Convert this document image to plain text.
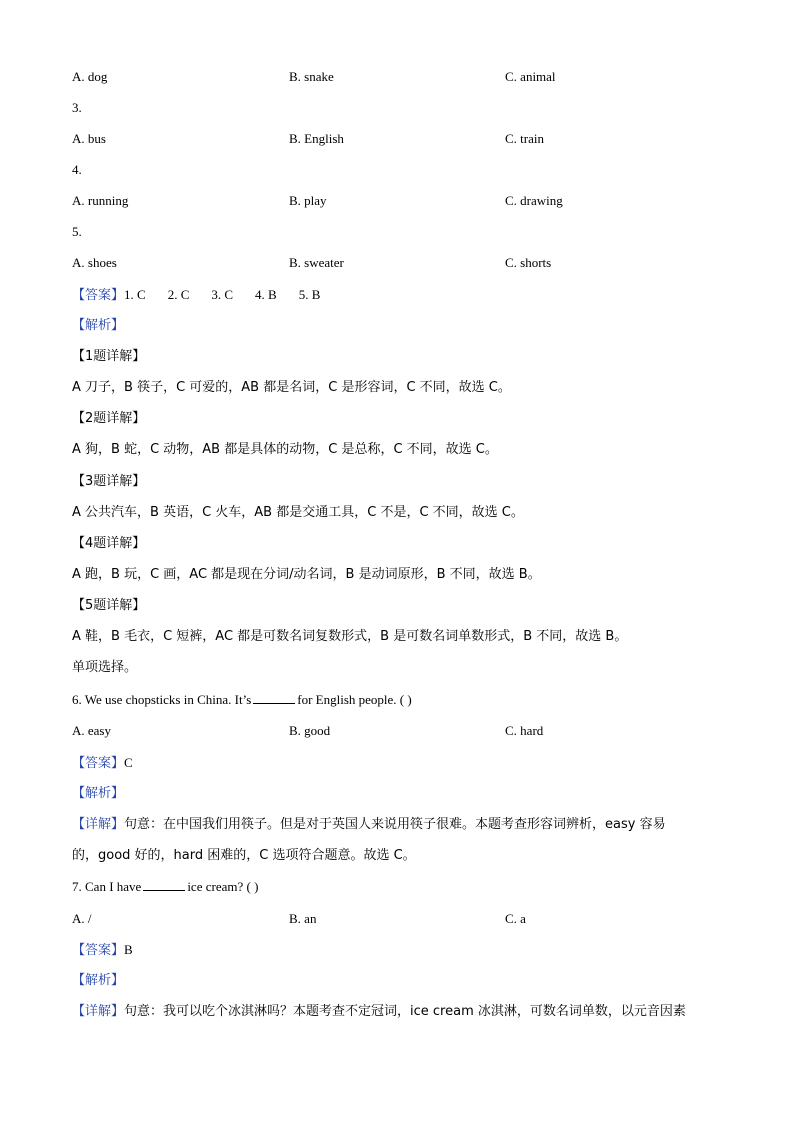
A. dog	B. snake	C. animal
3.
A. bus	B. English	C. train
4.
A. running	B. play	C. drawing
5.
A. shoes	B. sweater	C. shorts
【答案】1. C 2. C 3. C 4. B 5. B
【解析】
【1题详解】
A 刀子，B 筷子，C 可爱的，AB 都是名词，C 是形容词，C 不同，故选 C。
【2题详解】
A 狗，B 蛇，C 动物，AB 都是具体的动物，C 是总称，C 不同，故选 C。
【3题详解】
A 公共汽车，B 英语，C 火车，AB 都是交通工具，C 不是，C 不同，故选 C。
【4题详解】
A 跑，B 玩，C 画，AC 都是现在分词/动名词，B 是动词原形，B 不同，故选 B。
【5题详解】
A 鞋，B 毛衣，C 短裤，AC 都是可数名词复数形式，B 是可数名词单数形式，B 不同，故选 B。
单项选择。
6. We use chopsticks in China. It’s	for English people. ( )
A. easy	B. good	C. hard
【答案】C
【解析】
【详解】句意：在中国我们用筷子。但是对于英国人来说用筷子很难。本题考查形容词辨析，easy 容易
的，good 好的，hard 困难的，C 选项符合题意。故选 C。
7. Can I have	ice cream? ( )
A. /	B. an	C. a
【答案】B
【解析】
【详解】句意：我可以吃个冰淇淋吗？本题考查不定冠词，ice cream 冰淇淋，可数名词单数，以元音因素
